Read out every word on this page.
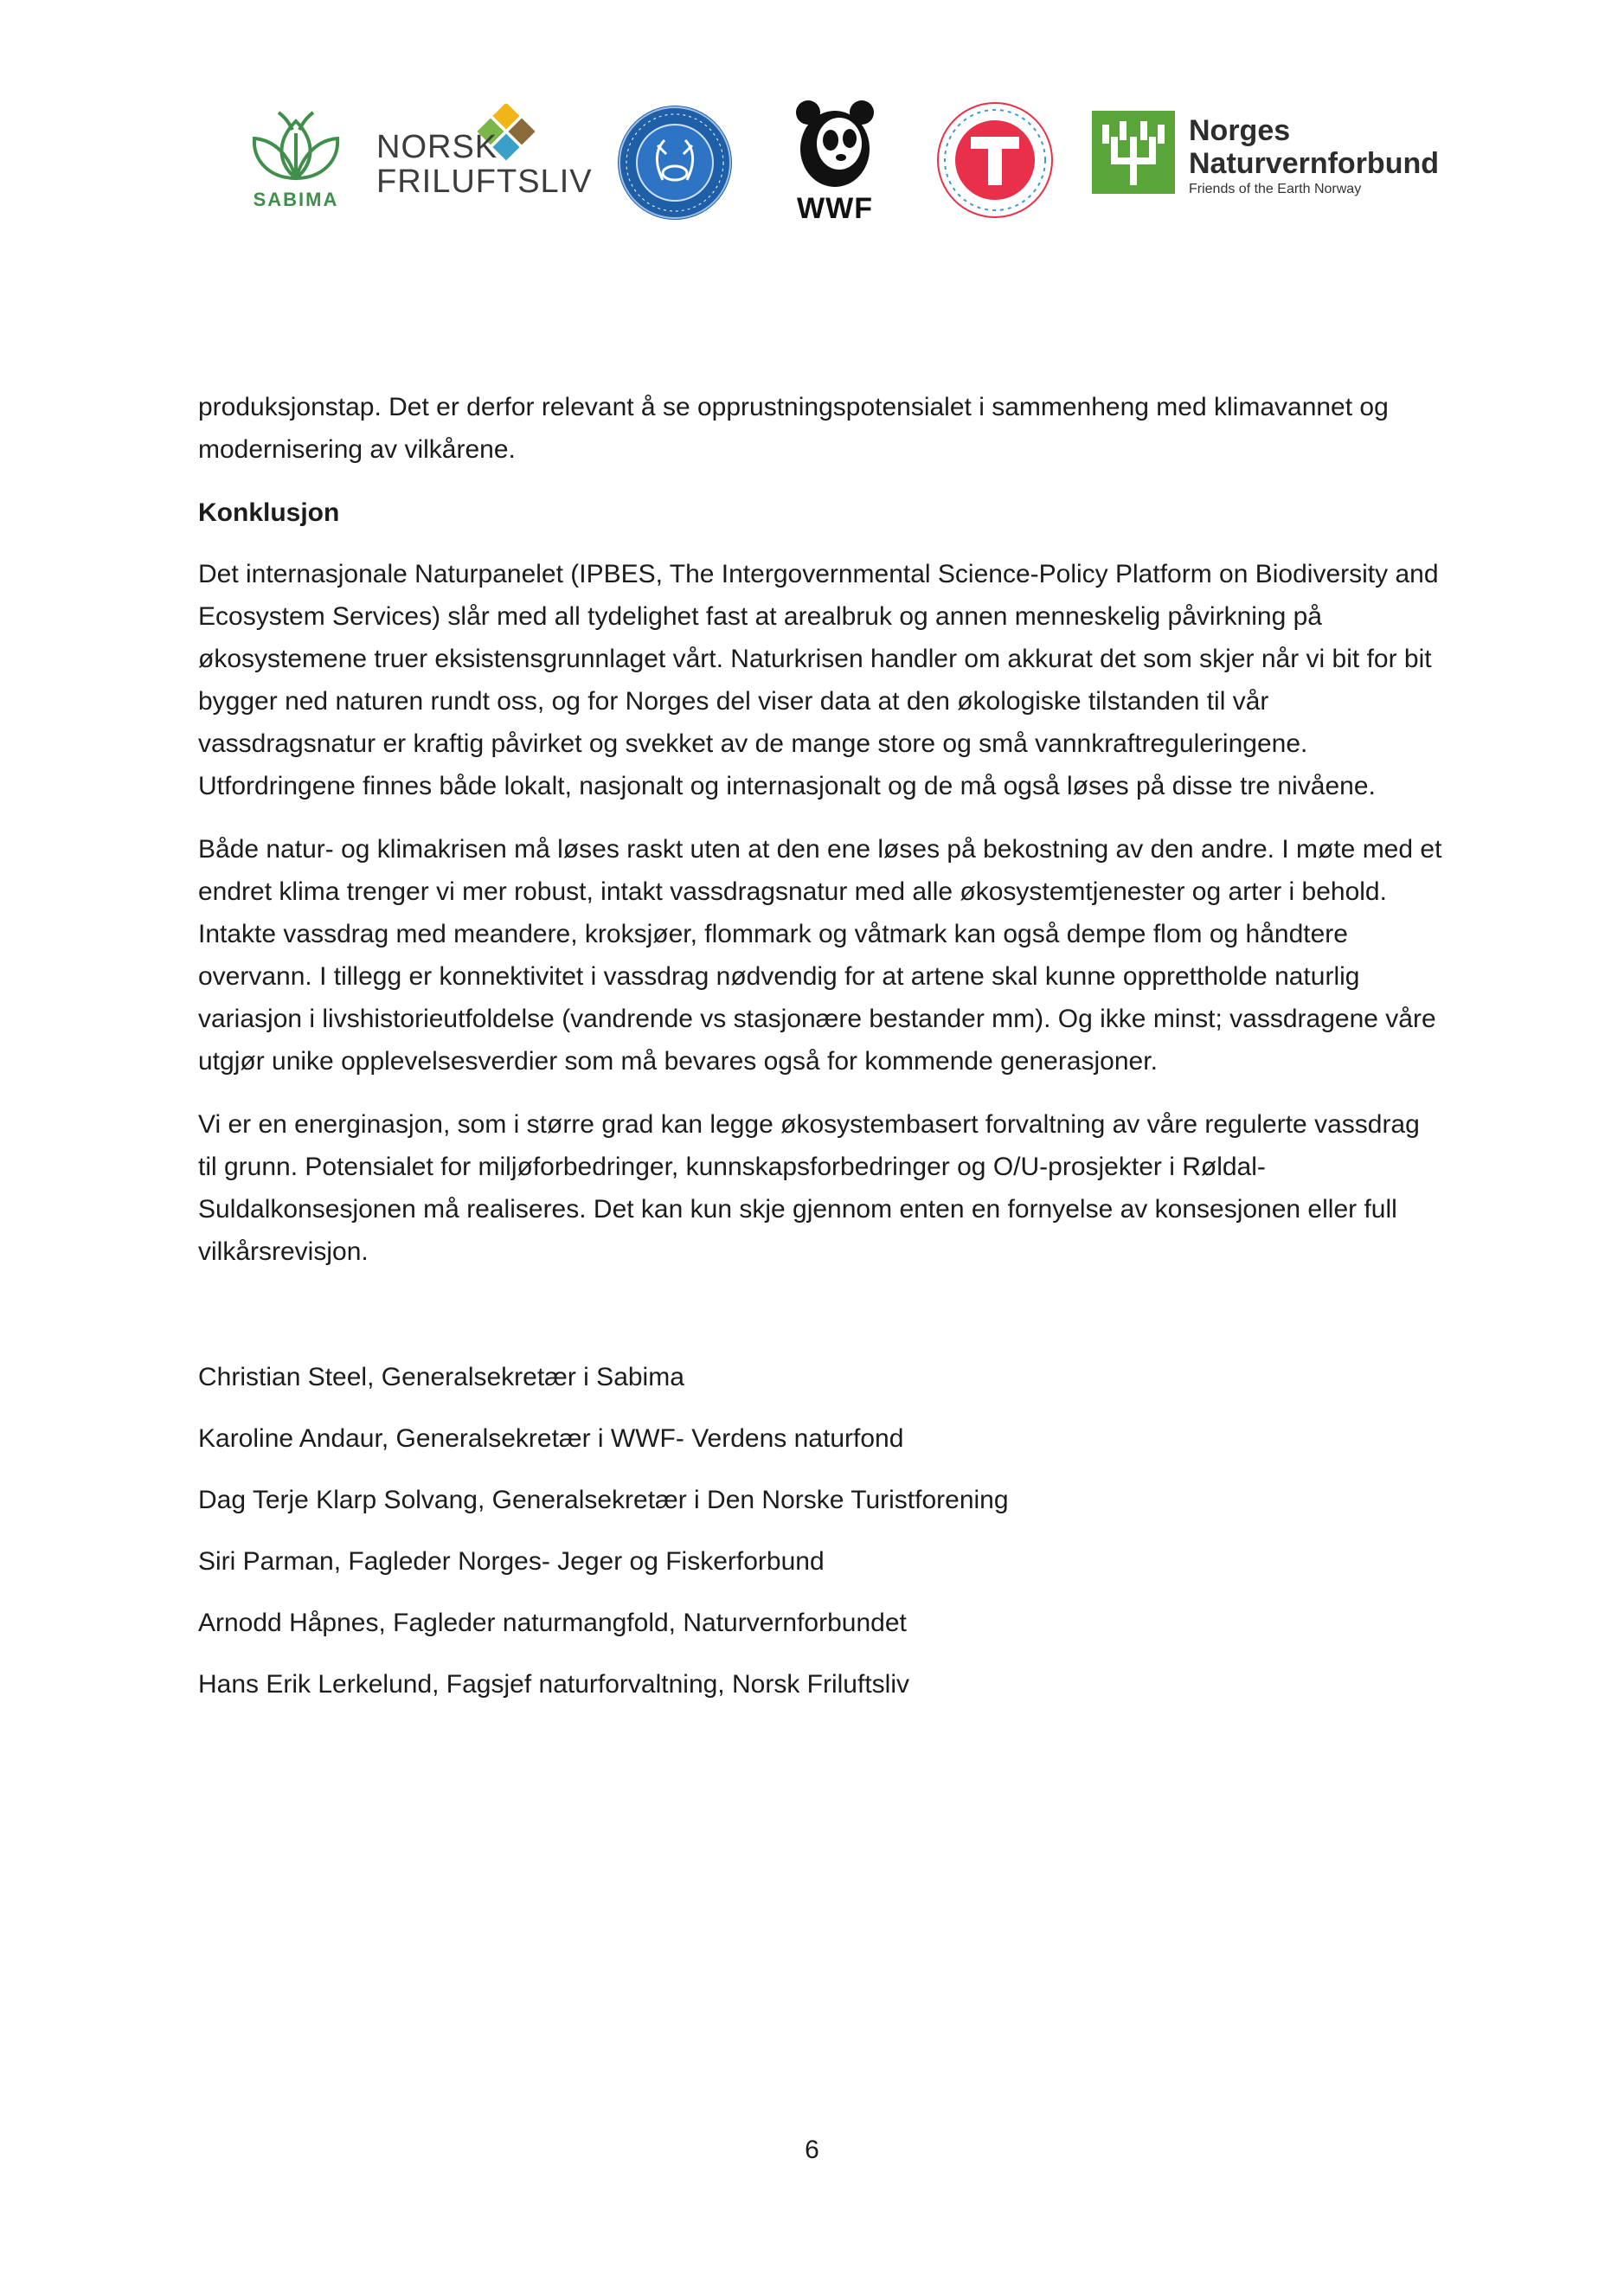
SABIMA
NORSK
FRILUFTSLIV
WWF
Norges
Naturvernforbund
Friends of the Earth Norway

produksjonstap. Det er derfor relevant å se opprustningspotensialet i sammenheng med klimavannet og modernisering av vilkårene.

Konklusjon

Det internasjonale Naturpanelet (IPBES, The Intergovernmental Science-Policy Platform on Biodiversity and Ecosystem Services) slår med all tydelighet fast at arealbruk og annen menneskelig påvirkning på økosystemene truer eksistensgrunnlaget vårt. Naturkrisen handler om akkurat det som skjer når vi bit for bit bygger ned naturen rundt oss, og for Norges del viser data at den økologiske tilstanden til vår vassdragsnatur er kraftig påvirket og svekket av de mange store og små vannkraftreguleringene. Utfordringene finnes både lokalt, nasjonalt og internasjonalt og de må også løses på disse tre nivåene.

Både natur- og klimakrisen må løses raskt uten at den ene løses på bekostning av den andre. I møte med et endret klima trenger vi mer robust, intakt vassdragsnatur med alle økosystemtjenester og arter i behold. Intakte vassdrag med meandere, kroksjøer, flommark og våtmark kan også dempe flom og håndtere overvann. I tillegg er konnektivitet i vassdrag nødvendig for at artene skal kunne opprettholde naturlig variasjon i livshistorieutfoldelse (vandrende vs stasjonære bestander mm). Og ikke minst; vassdragene våre utgjør unike opplevelsesverdier som må bevares også for kommende generasjoner.

Vi er en energinasjon, som i større grad kan legge økosystembasert forvaltning av våre regulerte vassdrag til grunn. Potensialet for miljøforbedringer, kunnskapsforbedringer og O/U-prosjekter i Røldal-Suldalkonsesjonen må realiseres. Det kan kun skje gjennom enten en fornyelse av konsesjonen eller full vilkårsrevisjon.

Christian Steel, Generalsekretær i Sabima
Karoline Andaur, Generalsekretær i WWF- Verdens naturfond
Dag Terje Klarp Solvang, Generalsekretær i Den Norske Turistforening
Siri Parman, Fagleder Norges- Jeger og Fiskerforbund
Arnodd Håpnes, Fagleder naturmangfold, Naturvernforbundet
Hans Erik Lerkelund, Fagsjef naturforvaltning, Norsk Friluftsliv
6
